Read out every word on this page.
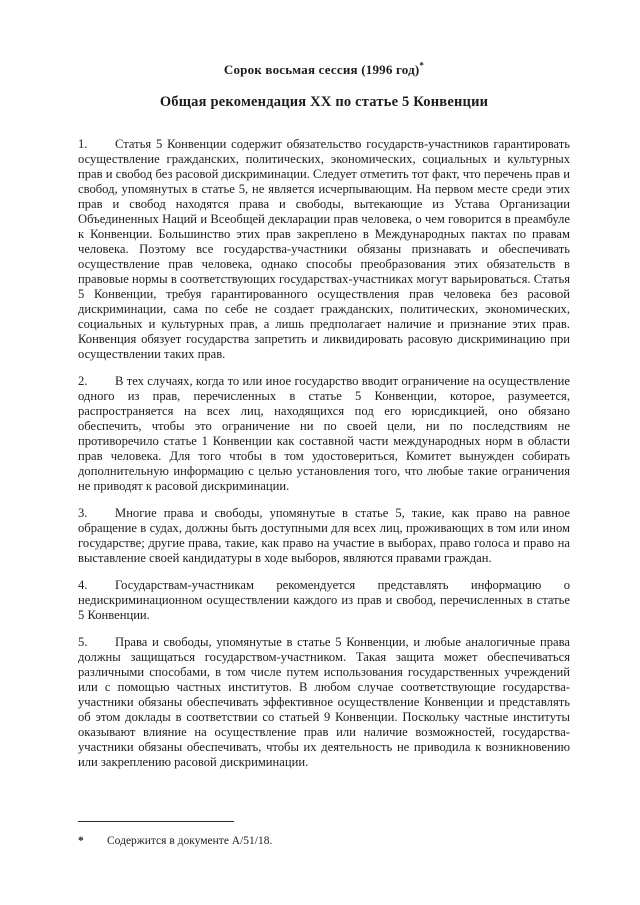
Сорок восьмая сессия (1996 год)*

Общая рекомендация XX по статье 5 Конвенции

1. Статья 5 Конвенции содержит обязательство государств-участников гарантировать осуществление гражданских, политических, экономических, социальных и культурных прав и свобод без расовой дискриминации. Следует отметить тот факт, что перечень прав и свобод, упомянутых в статье 5, не является исчерпывающим. На первом месте среди этих прав и свобод находятся права и свободы, вытекающие из Устава Организации Объединенных Наций и Всеобщей декларации прав человека, о чем говорится в преамбуле к Конвенции. Большинство этих прав закреплено в Международных пактах по правам человека. Поэтому все государства-участники обязаны признавать и обеспечивать осуществление прав человека, однако способы преобразования этих обязательств в правовые нормы в соответствующих государствах-участниках могут варьироваться. Статья 5 Конвенции, требуя гарантированного осуществления прав человека без расовой дискриминации, сама по себе не создает гражданских, политических, экономических, социальных и культурных прав, а лишь предполагает наличие и признание этих прав. Конвенция обязует государства запретить и ликвидировать расовую дискриминацию при осуществлении таких прав.

2. В тех случаях, когда то или иное государство вводит ограничение на осуществление одного из прав, перечисленных в статье 5 Конвенции, которое, разумеется, распространяется на всех лиц, находящихся под его юрисдикцией, оно обязано обеспечить, чтобы это ограничение ни по своей цели, ни по последствиям не противоречило статье 1 Конвенции как составной части международных норм в области прав человека. Для того чтобы в том удостовериться, Комитет вынужден собирать дополнительную информацию с целью установления того, что любые такие ограничения не приводят к расовой дискриминации.

3. Многие права и свободы, упомянутые в статье 5, такие, как право на равное обращение в судах, должны быть доступными для всех лиц, проживающих в том или ином государстве; другие права, такие, как право на участие в выборах, право голоса и право на выставление своей кандидатуры в ходе выборов, являются правами граждан.

4. Государствам-участникам рекомендуется представлять информацию о недискриминационном осуществлении каждого из прав и свобод, перечисленных в статье 5 Конвенции.

5. Права и свободы, упомянутые в статье 5 Конвенции, и любые аналогичные права должны защищаться государством-участником. Такая защита может обеспечиваться различными способами, в том числе путем использования государственных учреждений или с помощью частных институтов. В любом случае соответствующие государства-участники обязаны обеспечивать эффективное осуществление Конвенции и представлять об этом доклады в соответствии со статьей 9 Конвенции. Поскольку частные институты оказывают влияние на осуществление прав или наличие возможностей, государства-участники обязаны обеспечивать, чтобы их деятельность не приводила к возникновению или закреплению расовой дискриминации.

* Содержится в документе A/51/18.
